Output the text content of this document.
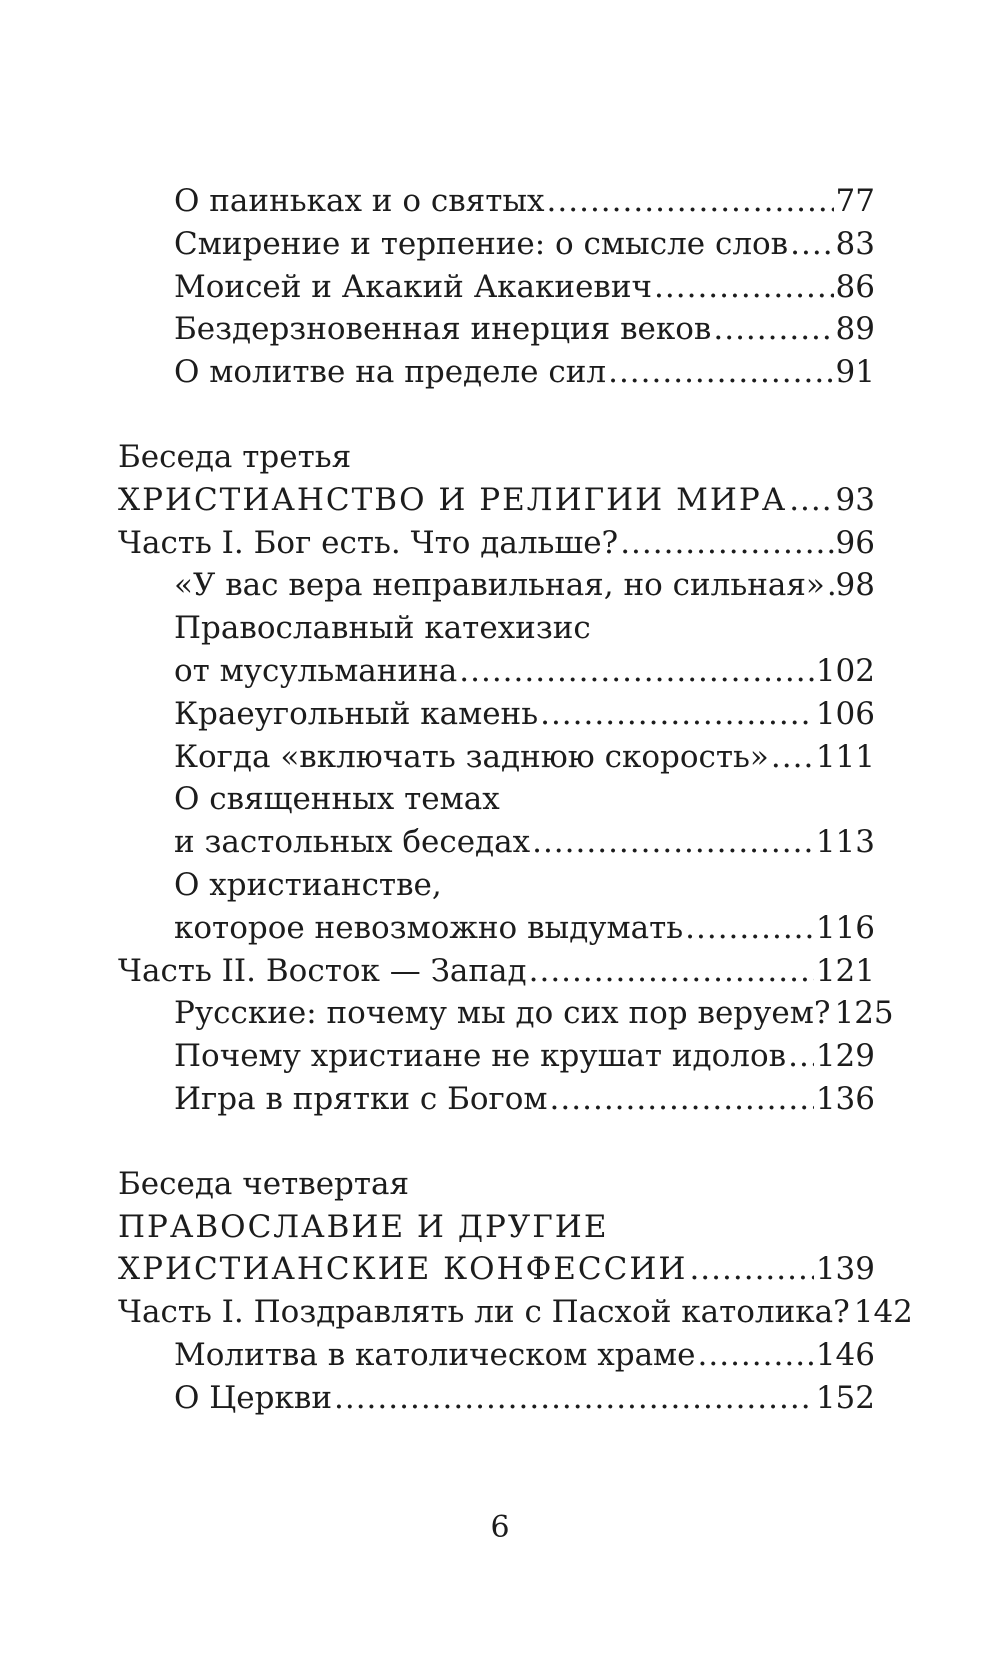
О паиньках и о святых .....	77
Смирение и терпение: о смысле слов ..... 83
Моисей и Акакий Акакиевич .....	86
Бездерзновенная инерция веков .....	89
О молитве на пределе сил .....	91
Беседа третья
ХРИСТИАНСТВО И РЕЛИГИИ МИРА ..... 93
Часть I. Бог есть. Что дальше? .....	96
«У вас вера неправильная, но сильная» ..... 98
Православный катехизис
от мусульманина .....	102
Краеугольный камень .....	106
Когда «включать заднюю скорость» ..... 111
О священных темах
и застольных беседах .....	113
О христианстве,
которое невозможно выдумать .....	116
Часть II. Восток — Запад .....	121
Русские: почему мы до сих пор веруем? 125
Почему христиане не крушат идолов ..... 129
Игра в прятки с Богом .....	136
Беседа четвертая
ПРАВОСЛАВИЕ И ДРУГИЕ
ХРИСТИАНСКИЕ КОНФЕССИИ .....	139
Часть I. Поздравлять ли с Пасхой католика? 142
Молитва в католическом храме .....	146
О Церкви .....	152
6
